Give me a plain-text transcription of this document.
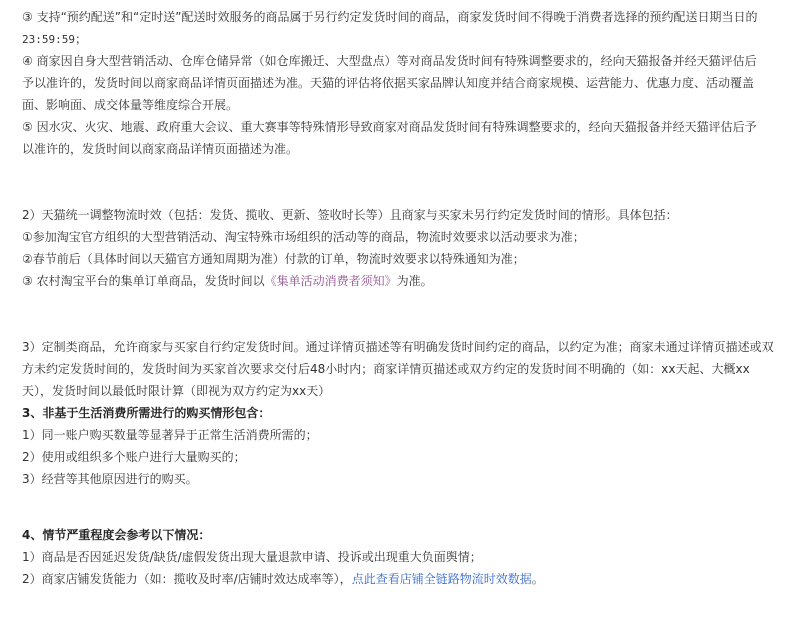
③ 支持“预约配送”和“定时送”配送时效服务的商品属于另行约定发货时间的商品，商家发货时间不得晚于消费者选择的预约配送日期当日的
23:59:59；
④ 商家因自身大型营销活动、仓库仓储异常（如仓库搬迁、大型盘点）等对商品发货时间有特殊调整要求的，经向天猫报备并经天猫评估后
予以准许的，发货时间以商家商品详情页面描述为准。天猫的评估将依据买家品牌认知度并结合商家规模、运营能力、优惠力度、活动覆盖
面、影响面、成交体量等维度综合开展。
⑤ 因水灾、火灾、地震、政府重大会议、重大赛事等特殊情形导致商家对商品发货时间有特殊调整要求的，经向天猫报备并经天猫评估后予
以准许的，发货时间以商家商品详情页面描述为准。
2）天猫统一调整物流时效（包括：发货、揽收、更新、签收时长等）且商家与买家未另行约定发货时间的情形。具体包括：
①参加淘宝官方组织的大型营销活动、淘宝特殊市场组织的活动等的商品，物流时效要求以活动要求为准；
②春节前后（具体时间以天猫官方通知周期为准）付款的订单，物流时效要求以特殊通知为准；
③ 农村淘宝平台的集单订单商品，发货时间以《集单活动消费者须知》为准。
3）定制类商品，允许商家与买家自行约定发货时间。通过详情页描述等有明确发货时间约定的商品，以约定为准；商家未通过详情页描述或双
方未约定发货时间的，发货时间为买家首次要求交付后48小时内；商家详情页描述或双方约定的发货时间不明确的（如：xx天起、大概xx
天），发货时间以最低时限计算（即视为双方约定为xx天）
3、非基于生活消费所需进行的购买情形包含：
1）同一账户购买数量等显著异于正常生活消费所需的；
2）使用或组织多个账户进行大量购买的；
3）经营等其他原因进行的购买。
4、情节严重程度会参考以下情况：
1）商品是否因延迟发货/缺货/虚假发货出现大量退款申请、投诉或出现重大负面舆情；
2）商家店铺发货能力（如：揽收及时率/店铺时效达成率等），点此查看店铺全链路物流时效数据。
